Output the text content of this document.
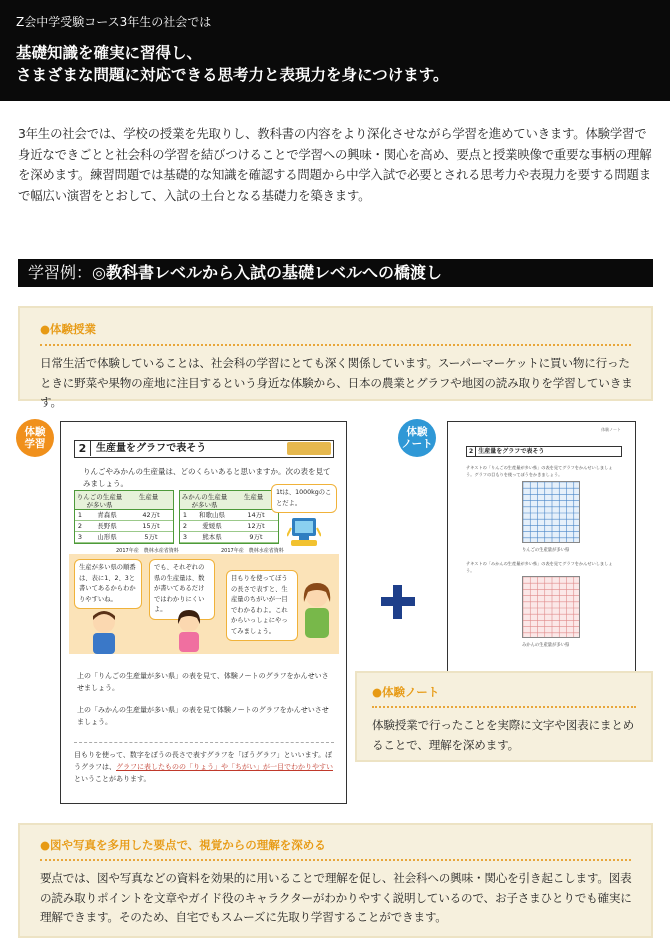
Z会中学受験コース3年生の社会では
基礎知識を確実に習得し、
さまざまな問題に対応できる思考力と表現力を身につけます。

3年生の社会では、学校の授業を先取りし、教科書の内容をより深化させながら学習を進めていきます。体験学習で身近なできごとと社会科の学習を結びつけることで学習への興味・関心を高め、要点と授業映像で重要な事柄の理解を深めます。練習問題では基礎的な知識を確認する問題から中学入試で必要とされる思考力や表現力を要する問題まで幅広い演習をとおして、入試の土台となる基礎力を築きます。

学習例：◎教科書レベルから入試の基礎レベルへの橋渡し
●体験授業
日常生活で体験していることは、社会科の学習にとても深く関係しています。スーパーマーケットに買い物に行ったときに野菜や果物の産地に注目するという身近な体験から、日本の農業とグラフや地図の読み取りを学習していきます。
体験
学習
体験
ノート
2 生産量をグラフで表そう
りんごやみかんの生産量は、どのくらいあると思いますか。次の表を見てみましょう。
りんごの生産量が多い県
生産量
1	青森県	42万t
2	長野県	15万t
3	山形県	5万t
2017年産　農林水産省資料
みかんの生産量が多い県
生産量
1	和歌山県	14万t
2	愛媛県	12万t
3	熊本県	9万t
2017年産　農林水産省資料
1tは、1000kgのことだよ。
生産が多い県の順番は、表に1、2、3と書いてあるからわかりやすいね。
でも、それぞれの県の生産量は、数が書いてあるだけではわかりにくいよ。
目もりを使ってぼうの長さで表すと、生産量のちがいが一目でわかるわよ。これからいっしょにやってみましょう。
上の「りんごの生産量が多い県」の表を見て、体験ノートのグラフをかんせいさせましょう。
上の「みかんの生産量が多い県」の表を見て体験ノートのグラフをかんせいさせましょう。
目もりを使って、数字をぼうの長さで表すグラフを「ぼうグラフ」といいます。ぼうグラフは、グラフに表したものの「りょう」や「ちがい」が一目でわかりやすいということがあります。
体験ノート
2 生産量をグラフで表そう
テキストの「りんごの生産量が多い県」の表を見てグラフをかんせいしましょう。グラフの目もりを使ってぼうをかきましょう。
りんごの生産量が多い県
テキストの「みかんの生産量が多い県」の表を見てグラフをかんせいしましょう。
みかんの生産量が多い県
●体験ノート
体験授業で行ったことを実際に文字や図表にまとめることで、理解を深めます。
●図や写真を多用した要点で、視覚からの理解を深める
要点では、図や写真などの資料を効果的に用いることで理解を促し、社会科への興味・関心を引き起こします。図表の読み取りポイントを文章やガイド役のキャラクターがわかりやすく説明しているので、お子さまひとりでも確実に理解できます。そのため、自宅でもスムーズに先取り学習することができます。
